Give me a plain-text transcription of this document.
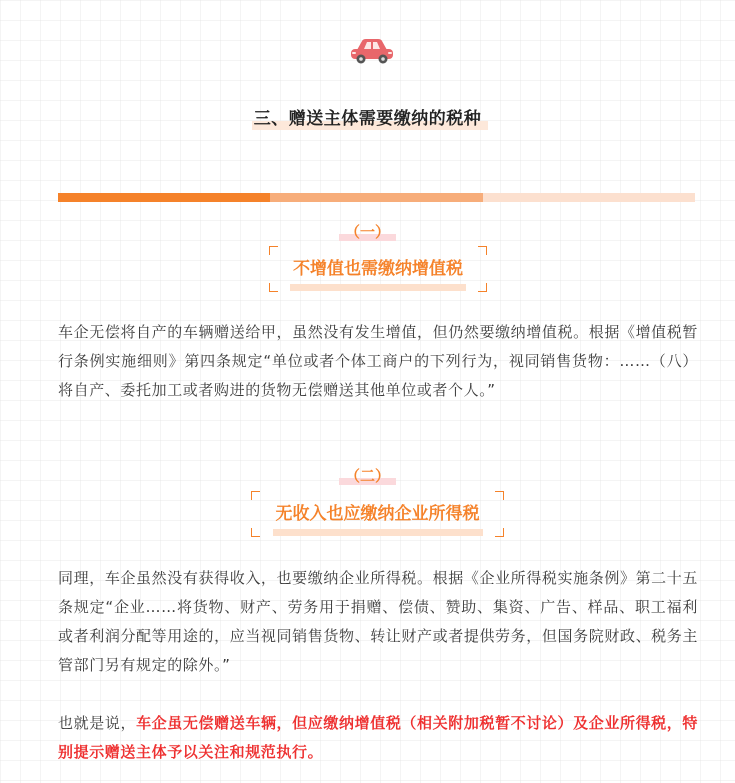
三、赠送主体需要缴纳的税种
（一）
不增值也需缴纳增值税
车企无偿将自产的车辆赠送给甲，虽然没有发生增值，但仍然要缴纳增值税。根据《增值税暂行条例实施细则》第四条规定“单位或者个体工商户的下列行为，视同销售货物：……（八）将自产、委托加工或者购进的货物无偿赠送其他单位或者个人。”
（二）
无收入也应缴纳企业所得税
同理，车企虽然没有获得收入，也要缴纳企业所得税。根据《企业所得税实施条例》第二十五条规定“企业……将货物、财产、劳务用于捐赠、偿债、赞助、集资、广告、样品、职工福利或者利润分配等用途的，应当视同销售货物、转让财产或者提供劳务，但国务院财政、税务主管部门另有规定的除外。”
也就是说，车企虽无偿赠送车辆，但应缴纳增值税（相关附加税暂不讨论）及企业所得税，特别提示赠送主体予以关注和规范执行。
